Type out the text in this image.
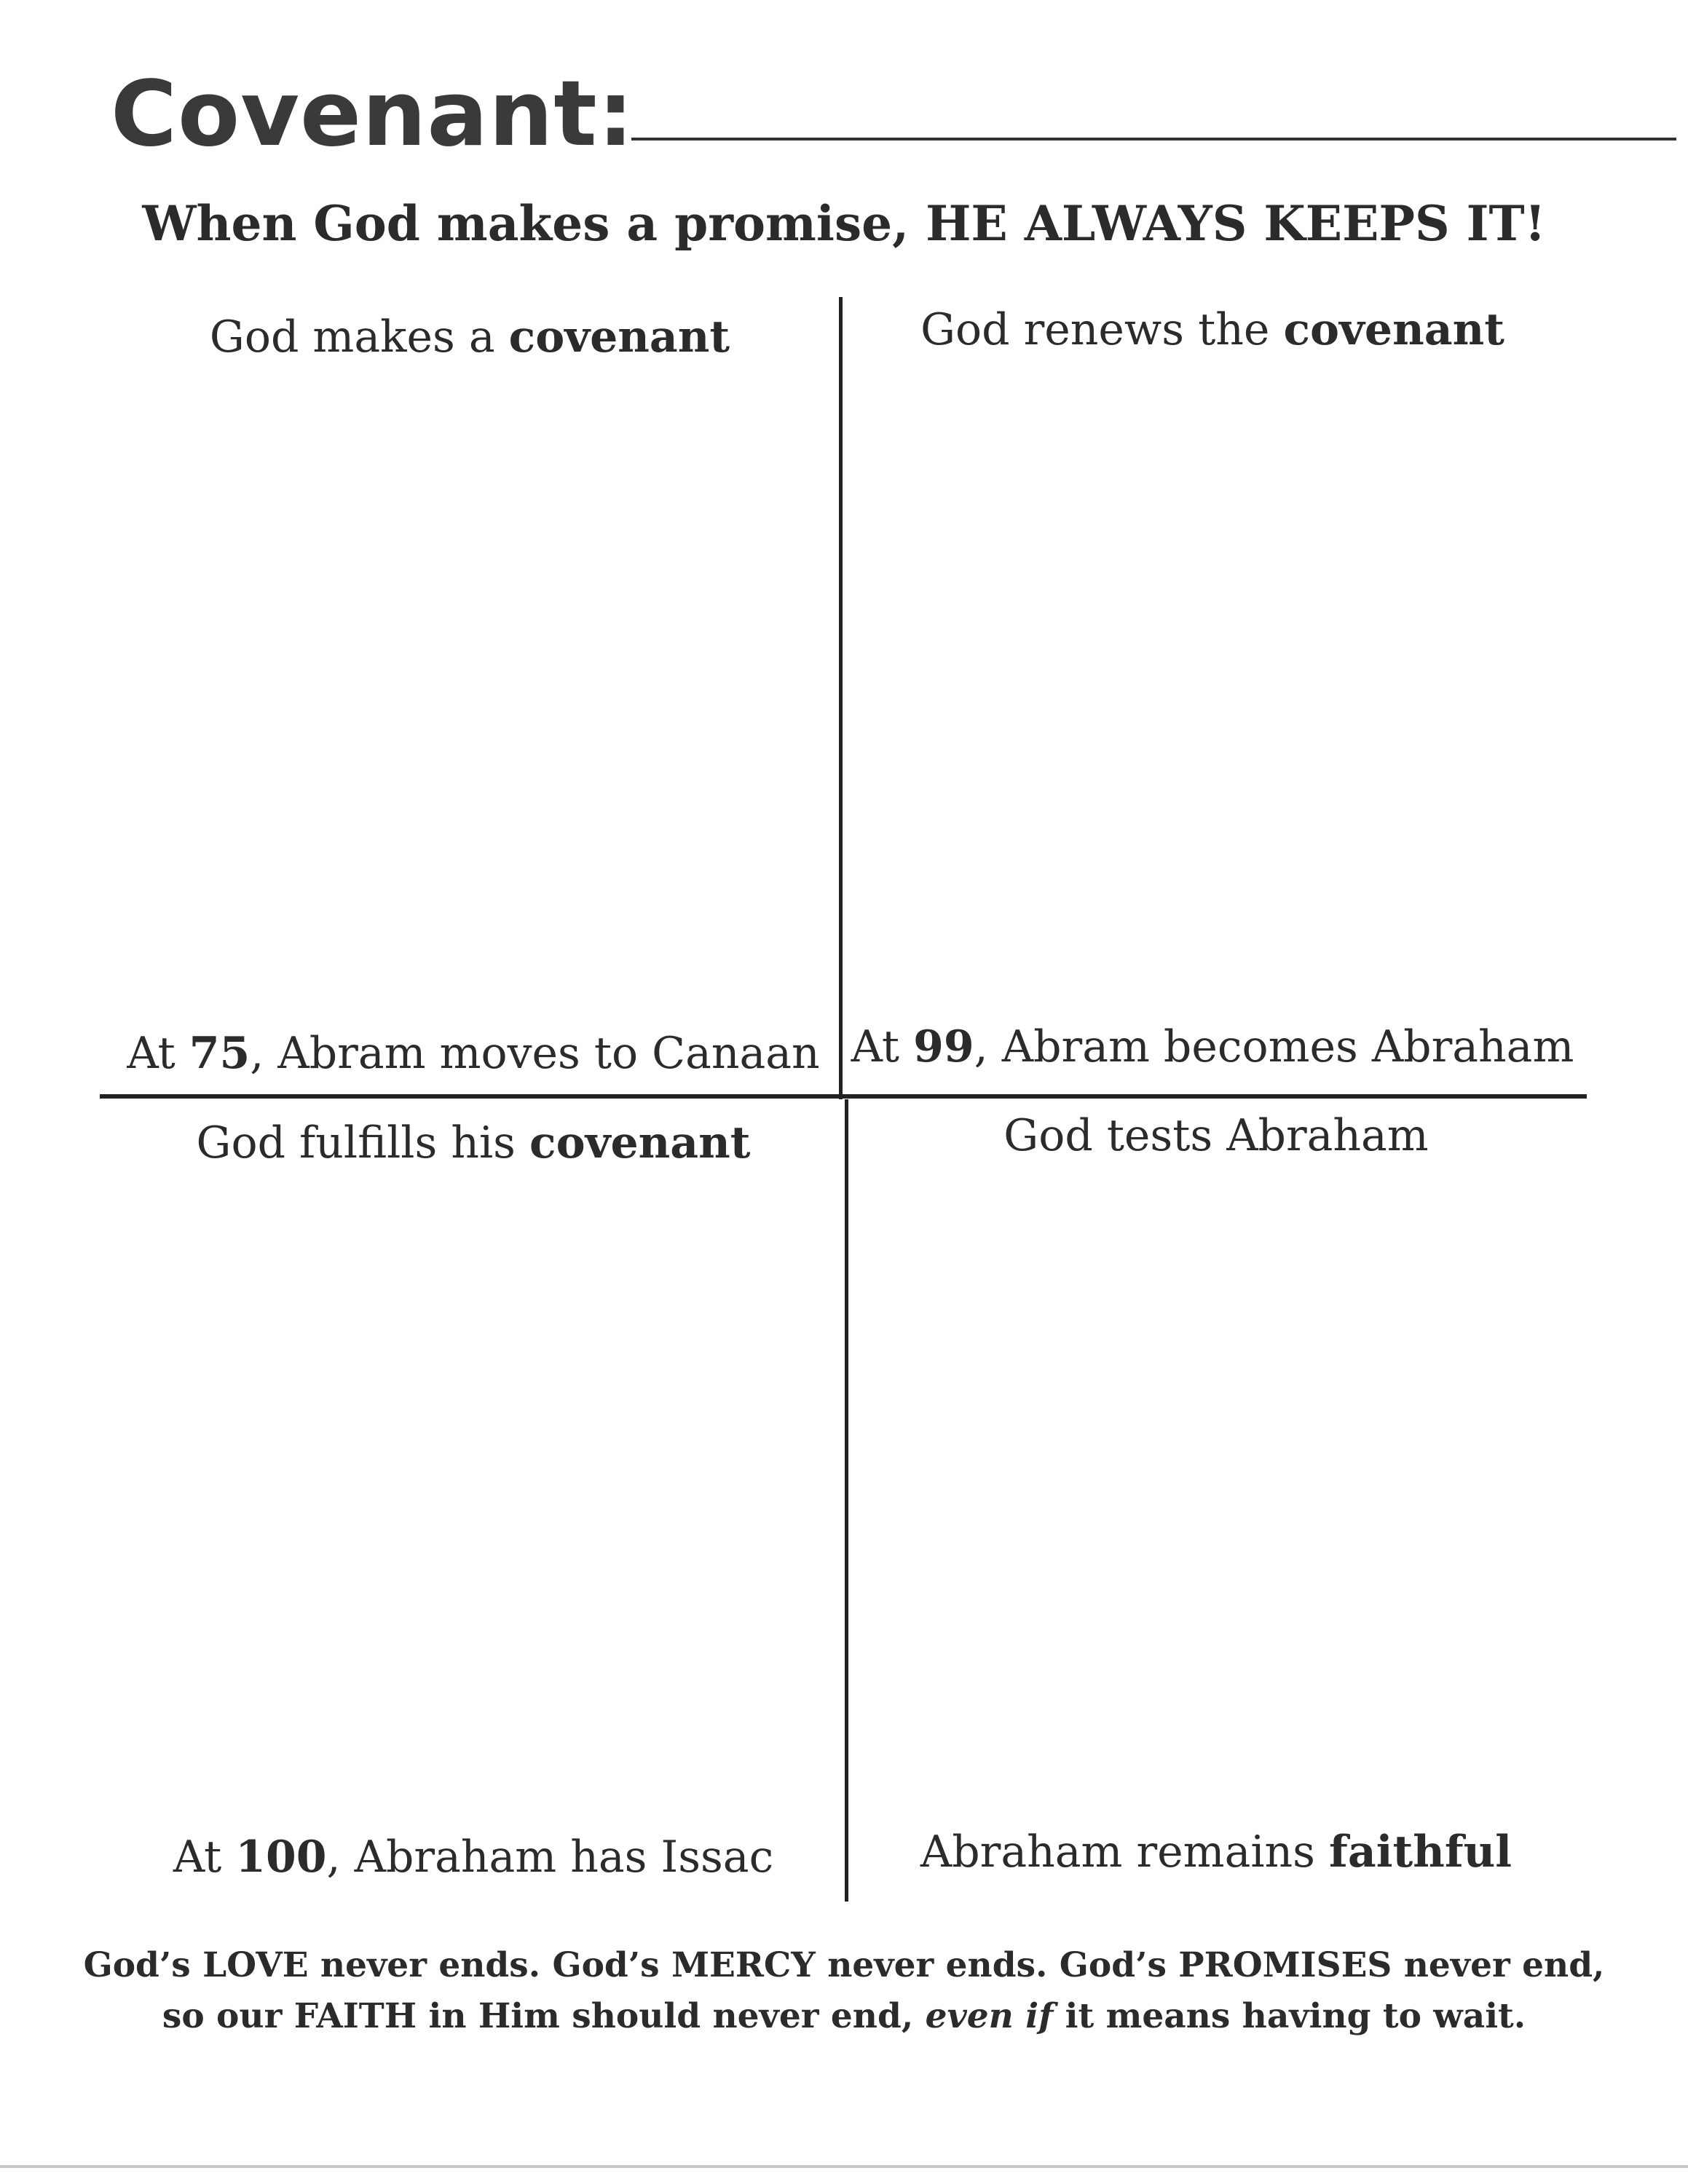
Covenant:
When God makes a promise, HE ALWAYS KEEPS IT!
God makes a covenant
At 75, Abram moves to Canaan
God renews the covenant
At 99, Abram becomes Abraham
God fulfills his covenant
At 100, Abraham has Issac
God tests Abraham
Abraham remains faithful
God’s LOVE never ends. God’s MERCY never ends. God’s PROMISES never end,
so our FAITH in Him should never end, even if it means having to wait.
